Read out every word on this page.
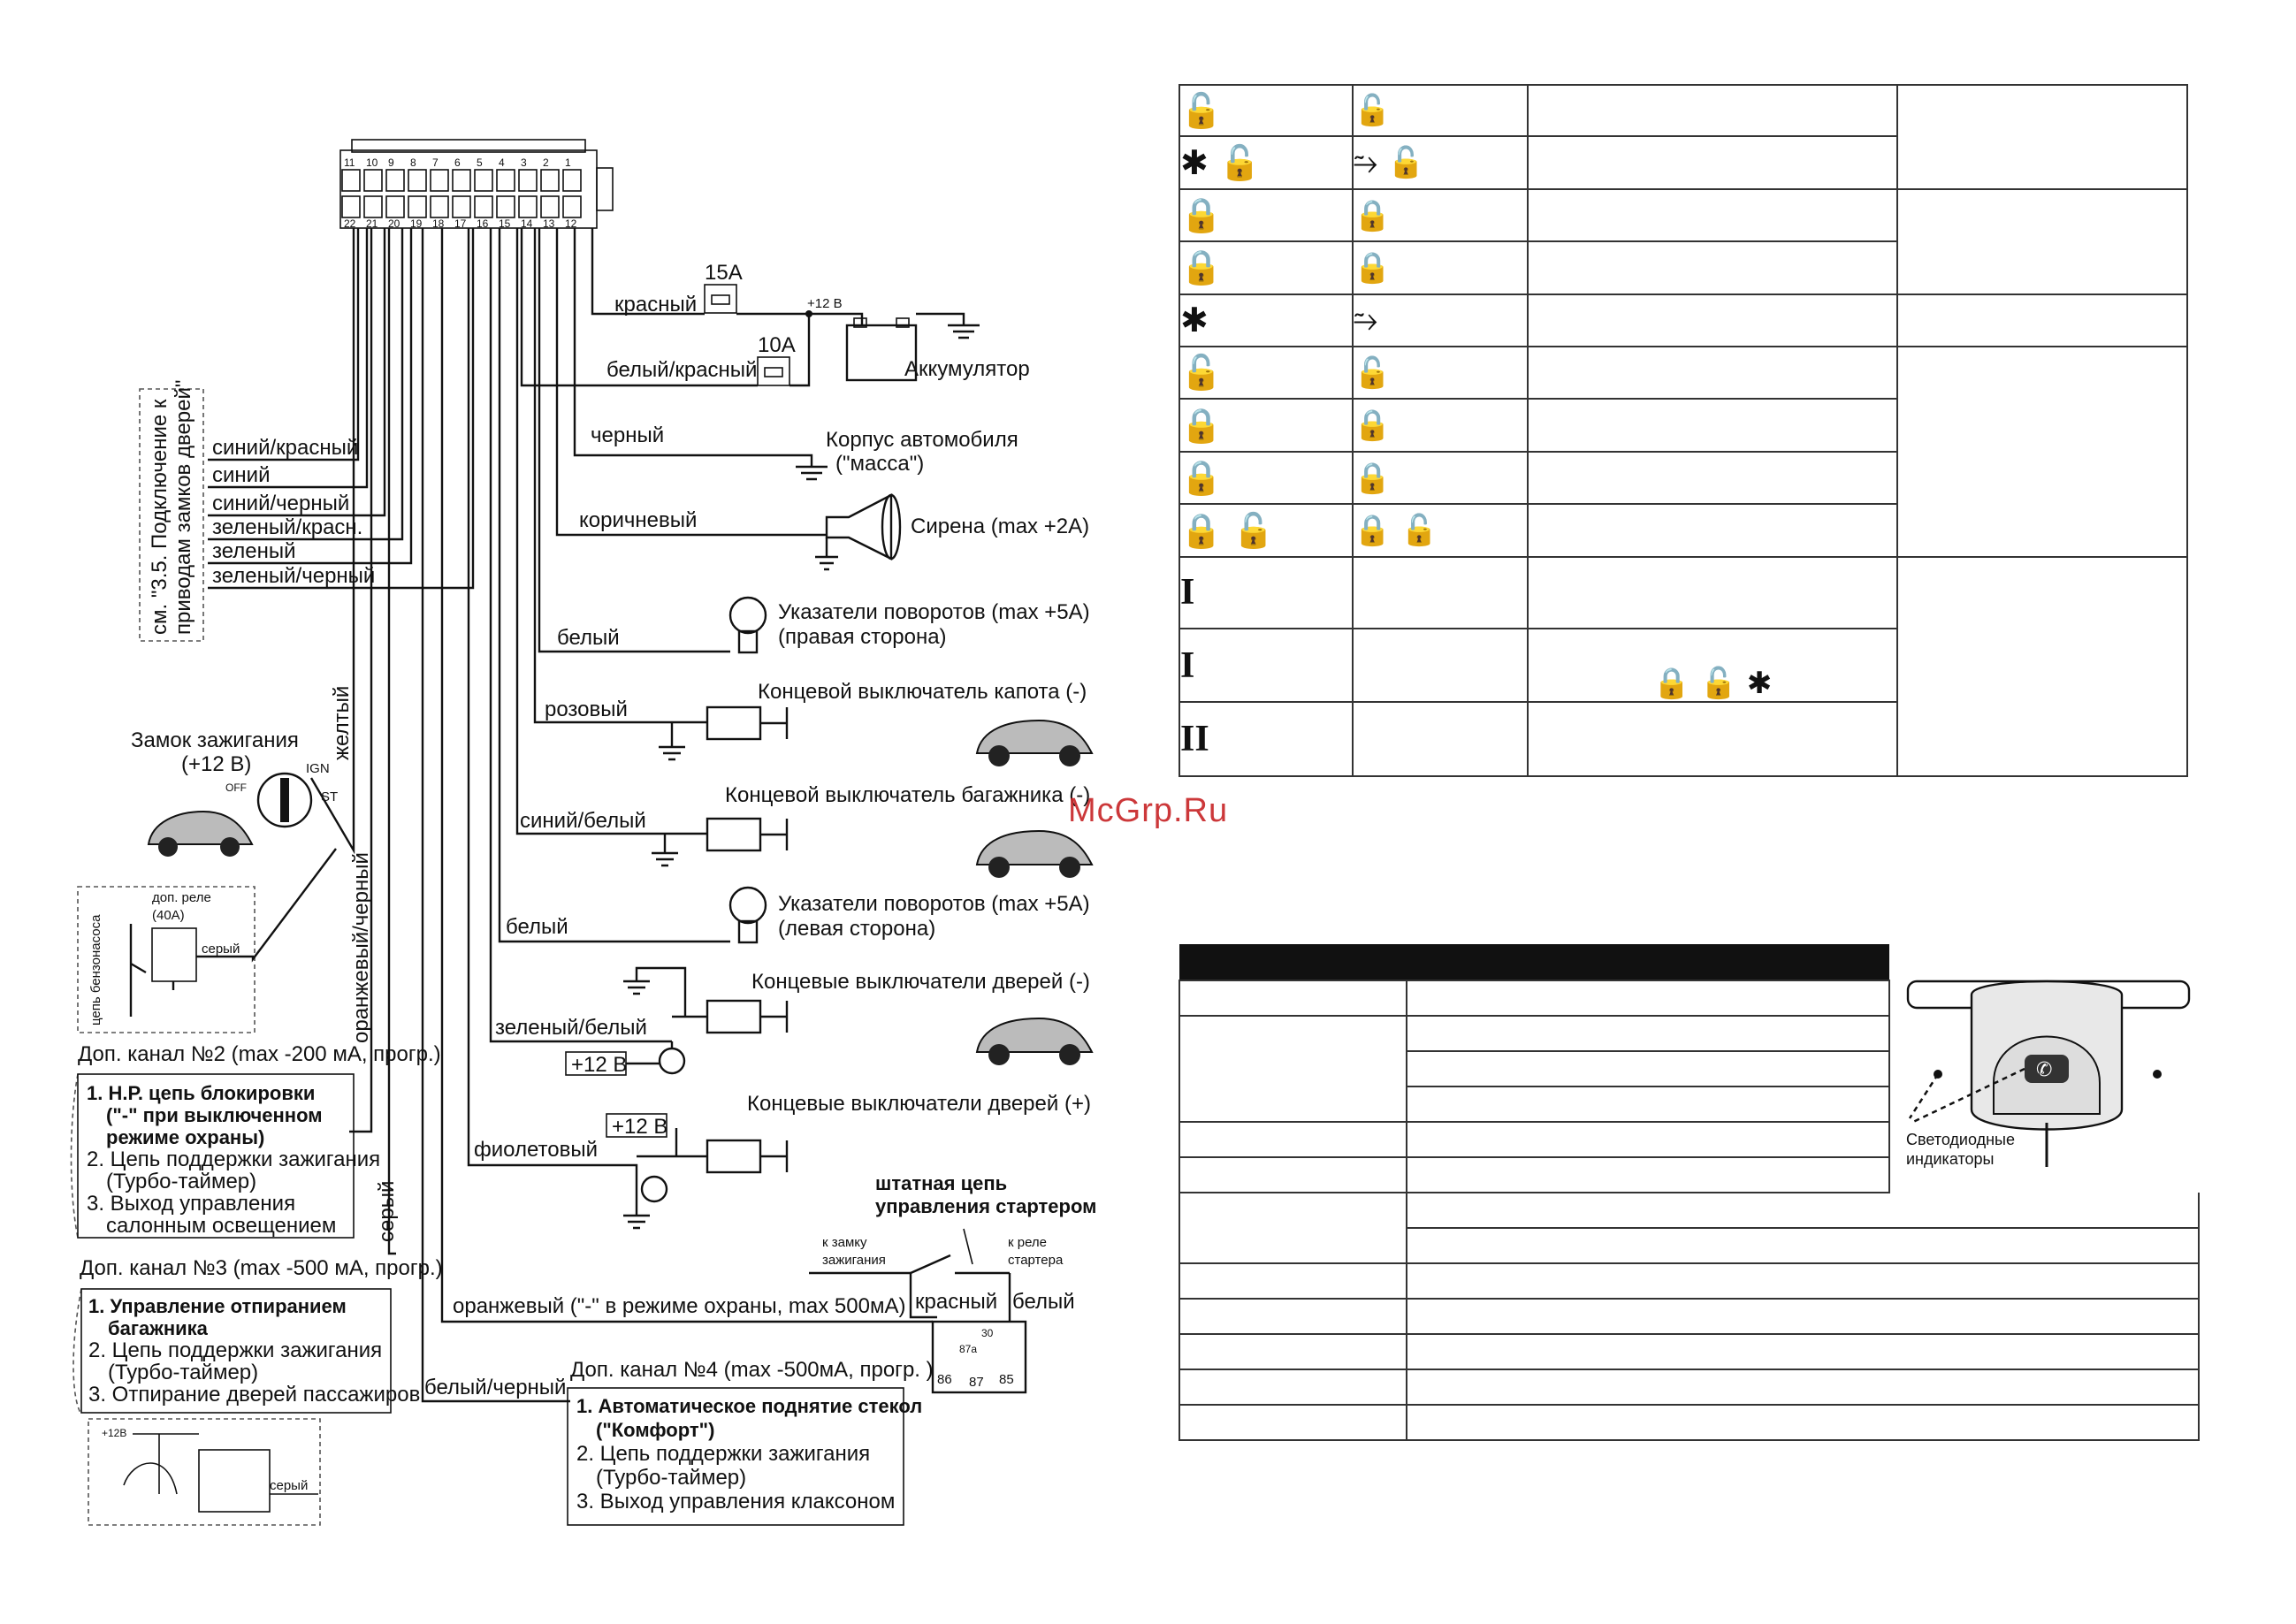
11
22
10
21
9
20
8
19
7
18
6
17
5
16
4
15
3
14
2
13
1
12
15A
10A
+12 В
красный
белый/красный	Аккумулятор
черный	Корпус автомобиля
("масса")
коричневый	Сирена (max +2A)
белый
Указатели поворотов (max +5A)
(правая сторона)
розовый
Концевой выключатель капота (-)
синий/белый
Концевой выключатель багажника (-)
белый
Указатели поворотов (max +5A)
(левая сторона)
зеленый/белый
Концевые выключатели дверей (-)
+12 В
+12 В
фиолетовый
Концевые выключатели дверей (+)
штатная цепь
управления стартером
к замку
зажигания
к реле
стартера
красный белый
30
87a
86 87 85
оранжевый ("-" в режиме охраны, max 500мА)
белый/черный
см. "3.5. Подключение к приводам замков дверей" синий/красный
синий
синий/черный
зеленый/красн.
зеленый
зеленый/черный
Замок зажигания
(+12 В)
OFF
IGN
ST
желтый
оранжевый/черный
серый
цепь бензонасоса
доп. реле
(40А)
серый
Доп. канал №2 (max -200 мА, прогр.)
1. Н.Р. цепь блокировки
("-" при выключенном
режиме охраны)
2. Цепь поддержки зажигания
(Турбо-таймер)
3. Выход управления
салонным освещением
Доп. канал №3 (max -500 мА, прогр.)
1. Управление отпиранием
багажника
2. Цепь поддержки зажигания
(Турбо-таймер)
3. Отпирание дверей пассажиров
+12В
серый
Доп. канал №4 (max -500мА, прогр. )
1. Автоматическое поднятие стекол
("Комфорт")
2. Цепь поддержки зажигания
(Турбо-таймер)
3. Выход управления клаксоном
McGrp.Ru
🔓	🔓		
✱ 🔓	⥲ 🔓		
🔒	🔒		
🔒	🔒		
✱	⥲		
🔓	🔓		
🔒	🔒		
🔒	🔒		
🔒 🔓	🔒 🔓		
I			
I		🔒 🔓 ✱	
II			

✆
Светодиодные
индикаторы
